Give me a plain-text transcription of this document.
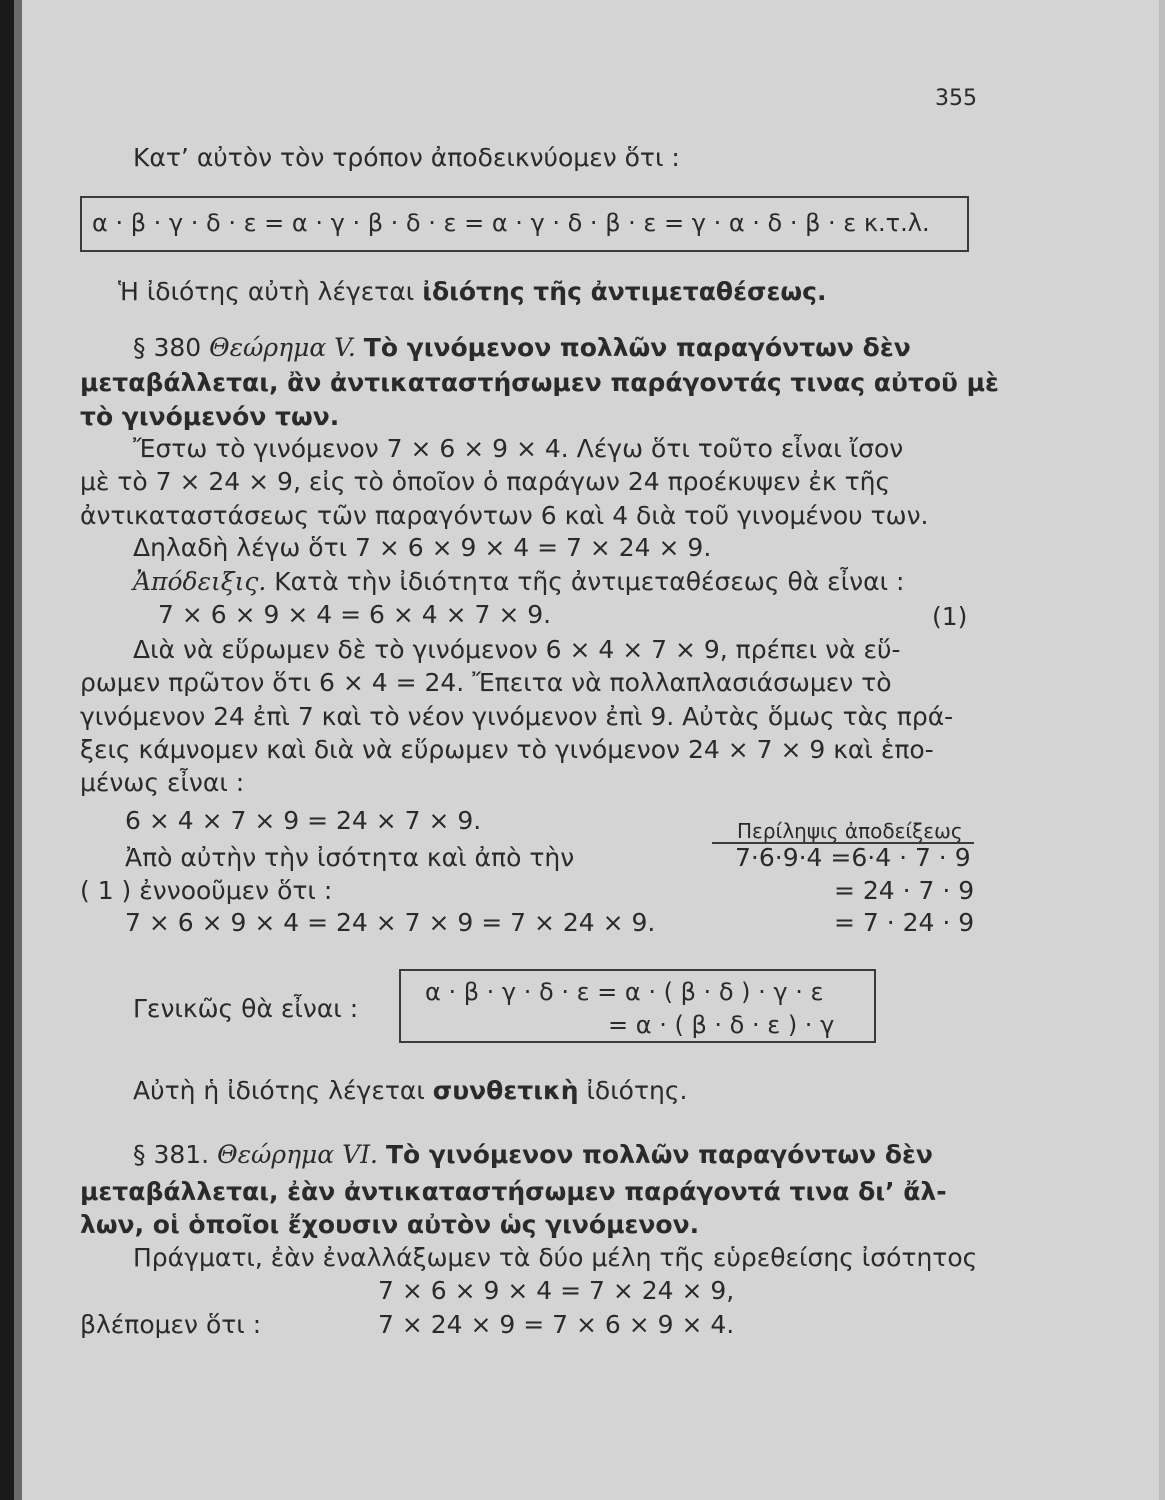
355
Κατ’ αὐτὸν τὸν τρόπον ἀποδεικνύομεν ὅτι :
α · β · γ · δ · ε = α · γ · β · δ · ε = α · γ · δ · β · ε = γ · α · δ · β · ε κ.τ.λ.
Ἡ ἰδιότης αὐτὴ λέγεται ἰδιότης τῆς ἀντιμεταθέσεως.
§ 380 Θεώρημα V. Τὸ γινόμενον πολλῶν παραγόντων δὲν
μεταβάλλεται, ἂν ἀντικαταστήσωμεν παράγοντάς τινας αὐτοῦ μὲ
τὸ γινόμενόν των.
Ἔστω τὸ γινόμενον 7 × 6 × 9 × 4. Λέγω ὅτι τοῦτο εἶναι ἴσον
μὲ τὸ 7 × 24 × 9, εἰς τὸ ὁποῖον ὁ παράγων 24 προέκυψεν ἐκ τῆς
ἀντικαταστάσεως τῶν παραγόντων 6 καὶ 4 διὰ τοῦ γινομένου των.
Δηλαδὴ λέγω ὅτι 7 × 6 × 9 × 4 = 7 × 24 × 9.
Ἀπόδειξις. Κατὰ τὴν ἰδιότητα τῆς ἀντιμεταθέσεως θὰ εἶναι :
7 × 6 × 9 × 4 = 6 × 4 × 7 × 9.	(1)
Διὰ νὰ εὕρωμεν δὲ τὸ γινόμενον 6 × 4 × 7 × 9, πρέπει νὰ εὕ-
ρωμεν πρῶτον ὅτι 6 × 4 = 24. Ἔπειτα νὰ πολλαπλασιάσωμεν τὸ
γινόμενον 24 ἐπὶ 7 καὶ τὸ νέον γινόμενον ἐπὶ 9. Αὐτὰς ὅμως τὰς πρά-
ξεις κάμνομεν καὶ διὰ νὰ εὕρωμεν τὸ γινόμενον 24 × 7 × 9 καὶ ἑπο-
μένως εἶναι :
6 × 4 × 7 × 9 = 24 × 7 × 9.	Περίληψις ἀποδείξεως
Ἀπὸ αὐτὴν τὴν ἰσότητα καὶ ἀπὸ τὴν	7·6·9·4 =6·4 · 7 · 9
( 1 ) ἐννοοῦμεν ὅτι :	= 24 · 7 · 9
7 × 6 × 9 × 4 = 24 × 7 × 9 = 7 × 24 × 9.	= 7 · 24 · 9
Γενικῶς θὰ εἶναι :
α · β · γ · δ · ε = α · ( β · δ ) · γ · ε
= α · ( β · δ · ε ) · γ
Αὐτὴ ἡ ἰδιότης λέγεται συνθετικὴ ἰδιότης.
§ 381. Θεώρημα VI. Τὸ γινόμενον πολλῶν παραγόντων δὲν
μεταβάλλεται, ἐὰν ἀντικαταστήσωμεν παράγοντά τινα δι’ ἄλ-
λων, οἱ ὁποῖοι ἔχουσιν αὐτὸν ὡς γινόμενον.
Πράγματι, ἐὰν ἐναλλάξωμεν τὰ δύο μέλη τῆς εὑρεθείσης ἰσότητος
7 × 6 × 9 × 4 = 7 × 24 × 9,
βλέπομεν ὅτι :	7 × 24 × 9 = 7 × 6 × 9 × 4.
